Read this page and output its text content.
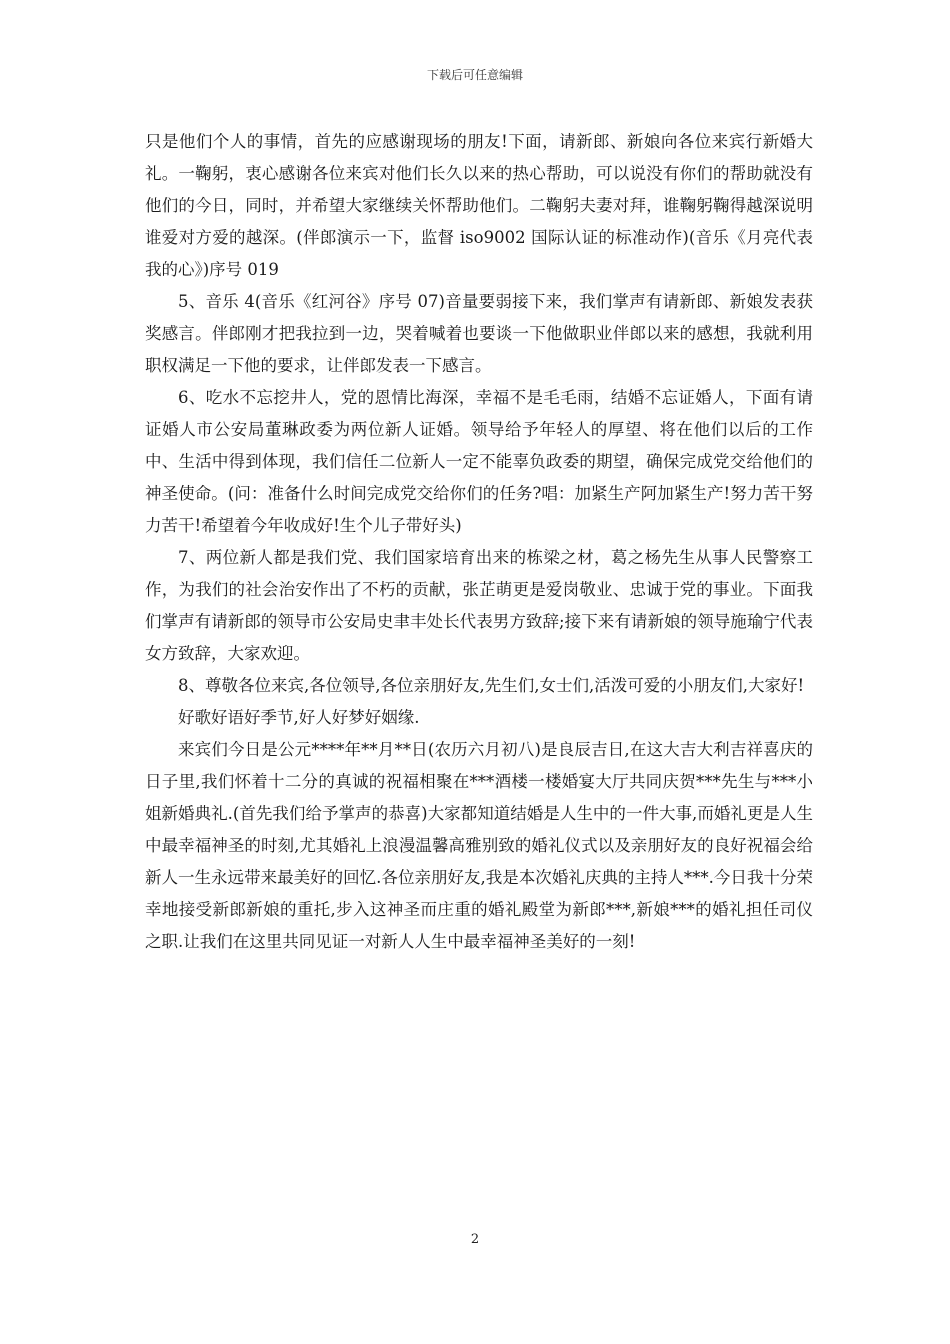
下载后可任意编辑

只是他们个人的事情，首先的应感谢现场的朋友!下面，请新郎、新娘向各位来宾行新婚大礼。一鞠躬，衷心感谢各位来宾对他们长久以来的热心帮助，可以说没有你们的帮助就没有他们的今日，同时，并希望大家继续关怀帮助他们。二鞠躬夫妻对拜，谁鞠躬鞠得越深说明谁爱对方爱的越深。(伴郎演示一下，监督 iso9002 国际认证的标准动作)(音乐《月亮代表我的心》)序号 019

5、音乐 4(音乐《红河谷》序号 07)音量要弱接下来，我们掌声有请新郎、新娘发表获奖感言。伴郎刚才把我拉到一边，哭着喊着也要谈一下他做职业伴郎以来的感想，我就利用职权满足一下他的要求，让伴郎发表一下感言。

6、吃水不忘挖井人，党的恩情比海深，幸福不是毛毛雨，结婚不忘证婚人，下面有请证婚人市公安局董琳政委为两位新人证婚。领导给予年轻人的厚望、将在他们以后的工作中、生活中得到体现，我们信任二位新人一定不能辜负政委的期望，确保完成党交给他们的神圣使命。(问：准备什么时间完成党交给你们的任务?唱：加紧生产阿加紧生产!努力苦干努力苦干!希望着今年收成好!生个儿子带好头)

7、两位新人都是我们党、我们国家培育出来的栋梁之材，葛之杨先生从事人民警察工作，为我们的社会治安作出了不朽的贡献，张芷萌更是爱岗敬业、忠诚于党的事业。下面我们掌声有请新郎的领导市公安局史聿丰处长代表男方致辞;接下来有请新娘的领导施瑜宁代表女方致辞，大家欢迎。

8、尊敬各位来宾,各位领导,各位亲朋好友,先生们,女士们,活泼可爱的小朋友们,大家好!

好歌好语好季节,好人好梦好姻缘.

来宾们今日是公元****年**月**日(农历六月初八)是良辰吉日,在这大吉大利吉祥喜庆的日子里,我们怀着十二分的真诚的祝福相聚在***酒楼一楼婚宴大厅共同庆贺***先生与***小姐新婚典礼.(首先我们给予掌声的恭喜)大家都知道结婚是人生中的一件大事,而婚礼更是人生中最幸福神圣的时刻,尤其婚礼上浪漫温馨高雅别致的婚礼仪式以及亲朋好友的良好祝福会给新人一生永远带来最美好的回忆.各位亲朋好友,我是本次婚礼庆典的主持人***.今日我十分荣幸地接受新郎新娘的重托,步入这神圣而庄重的婚礼殿堂为新郎***,新娘***的婚礼担任司仪之职.让我们在这里共同见证一对新人人生中最幸福神圣美好的一刻!

2
